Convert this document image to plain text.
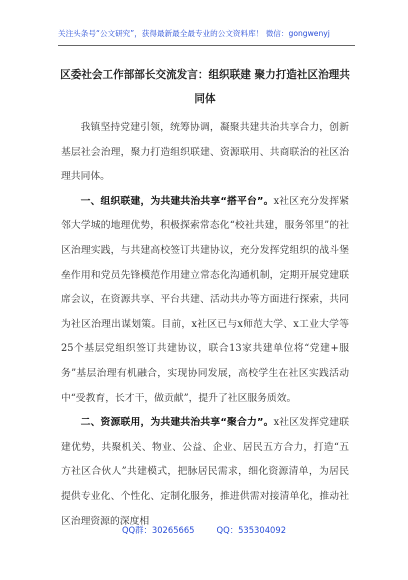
关注头条号“公文研究”，获得最新最全最专业的公文资料库！ 微信：gongwenyj
区委社会工作部部长交流发言：组织联建 聚力打造社区治理共同体

我镇坚持党建引领，统筹协调，凝聚共建共治共享合力，创新基层社会治理，聚力打造组织联建、资源联用、共商联治的社区治理共同体。

一、组织联建，为共建共治共享“搭平台”。x社区充分发挥紧邻大学城的地理优势，积极探索常态化“校社共建，服务邻里”的社区治理实践，与共建高校签订共建协议，充分发挥党组织的战斗堡垒作用和党员先锋模范作用建立常态化沟通机制，定期开展党建联席会议，在资源共享、平台共建、活动共办等方面进行探索，共同为社区治理出谋划策。目前，x社区已与x师范大学、x工业大学等25个基层党组织签订共建协议，联合13家共建单位将“党建+服务”基层治理有机融合，实现协同发展，高校学生在社区实践活动中“受教育，长才干，做贡献”，提升了社区服务质效。

二、资源联用，为共建共治共享“聚合力”。x社区发挥党建联建优势，共聚机关、物业、公益、企业、居民五方合力，打造“五方社区合伙人”共建模式，把脉居民需求，细化资源清单，为居民提供专业化、个性化、定制化服务，推进供需对接清单化，推动社区治理资源的深度相

QQ群：30265665	QQ：535304092
